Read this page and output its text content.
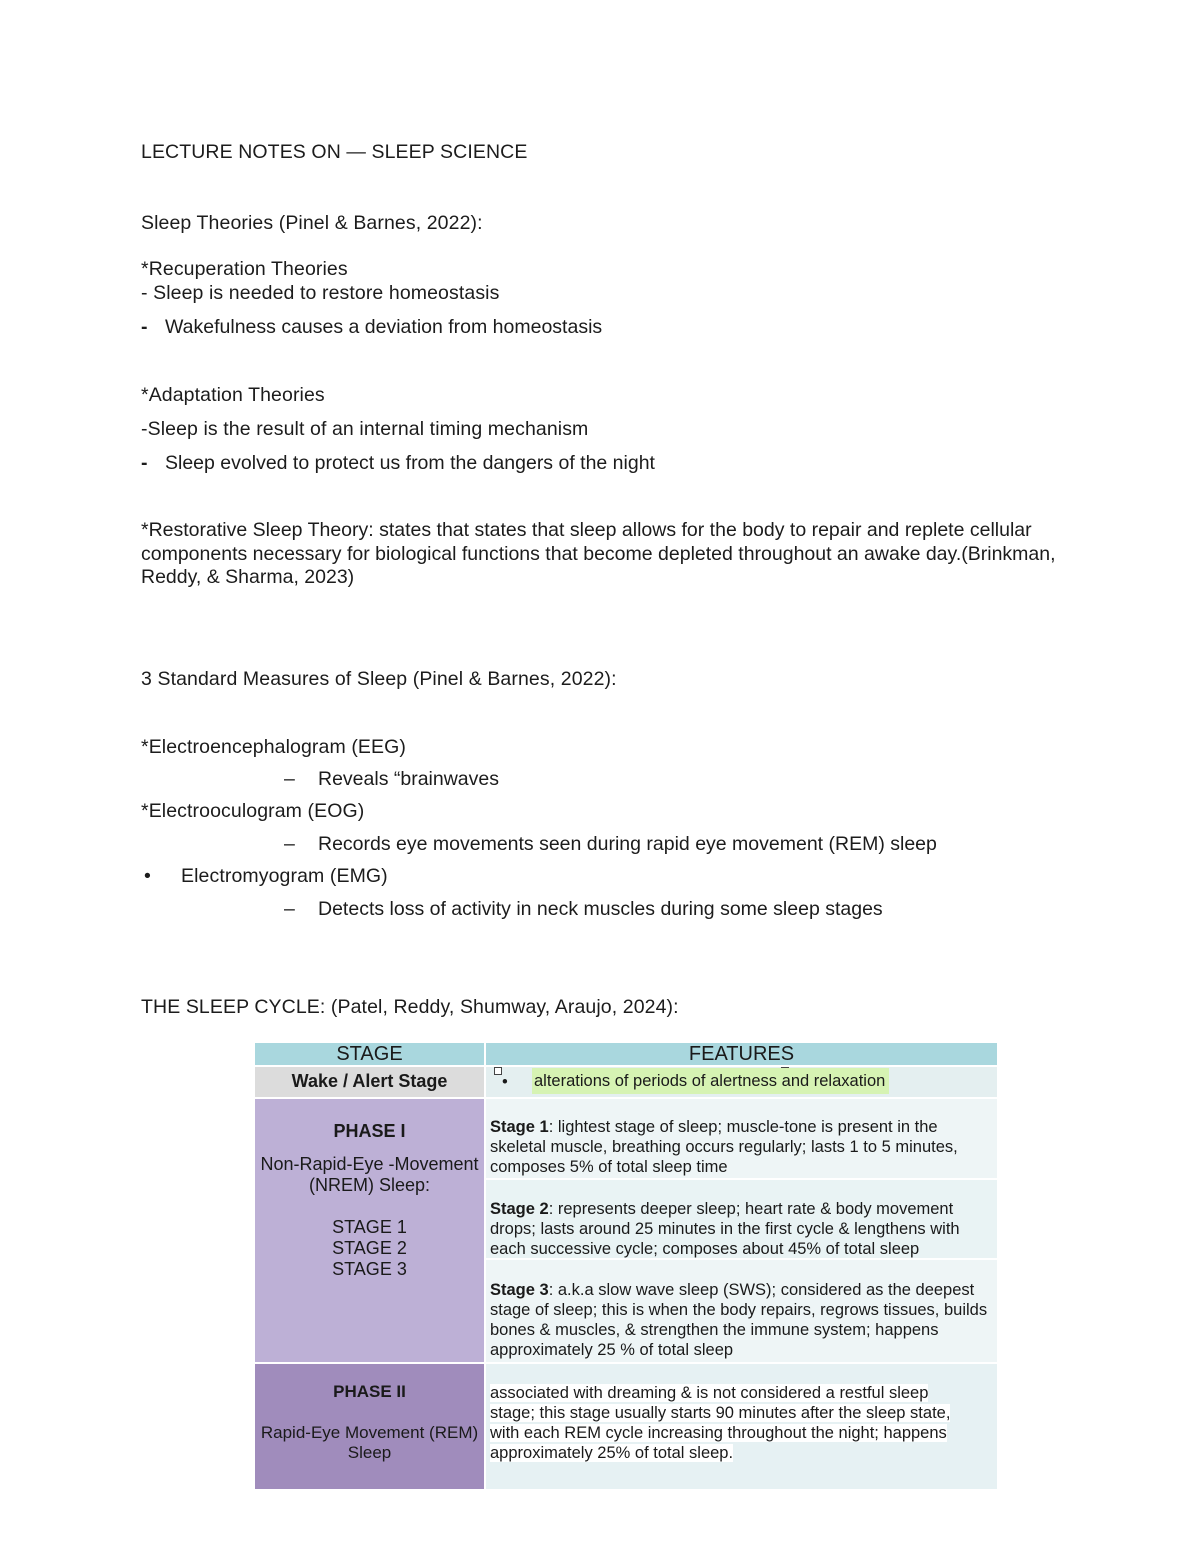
LECTURE NOTES ON — SLEEP SCIENCE
Sleep Theories (Pinel & Barnes, 2022):
*Recuperation Theories
- Sleep is needed to restore homeostasis
- Wakefulness causes a deviation from homeostasis
*Adaptation Theories
-Sleep is the result of an internal timing mechanism
- Sleep evolved to protect us from the dangers of the night
*Restorative Sleep Theory: states that states that sleep allows for the body to repair and replete cellular components necessary for biological functions that become depleted throughout an awake day.(Brinkman, Reddy, & Sharma, 2023)
3 Standard Measures of Sleep (Pinel & Barnes, 2022):
*Electroencephalogram (EEG)
– Reveals “brainwaves
*Electrooculogram (EOG)
– Records eye movements seen during rapid eye movement (REM) sleep
• Electromyogram (EMG)
– Detects loss of activity in neck muscles during some sleep stages
THE SLEEP CYCLE: (Patel, Reddy, Shumway, Araujo, 2024):
STAGE	FEATURES
Wake / Alert Stage	• alterations of periods of alertness and relaxation
PHASE I
Non-Rapid-Eye -Movement
(NREM) Sleep:
STAGE 1
STAGE 2
STAGE 3
Stage 1: lightest stage of sleep; muscle-tone is present in the skeletal muscle, breathing occurs regularly; lasts 1 to 5 minutes, composes 5% of total sleep time
Stage 2: represents deeper sleep; heart rate & body movement drops; lasts around 25 minutes in the first cycle & lengthens with each successive cycle; composes about 45% of total sleep
Stage 3: a.k.a slow wave sleep (SWS); considered as the deepest stage of sleep; this is when the body repairs, regrows tissues, builds bones & muscles, & strengthen the immune system; happens approximately 25 % of total sleep
PHASE II
Rapid-Eye Movement (REM)
Sleep
associated with dreaming & is not considered a restful sleep stage; this stage usually starts 90 minutes after the sleep state, with each REM cycle increasing throughout the night; happens approximately 25% of total sleep.
